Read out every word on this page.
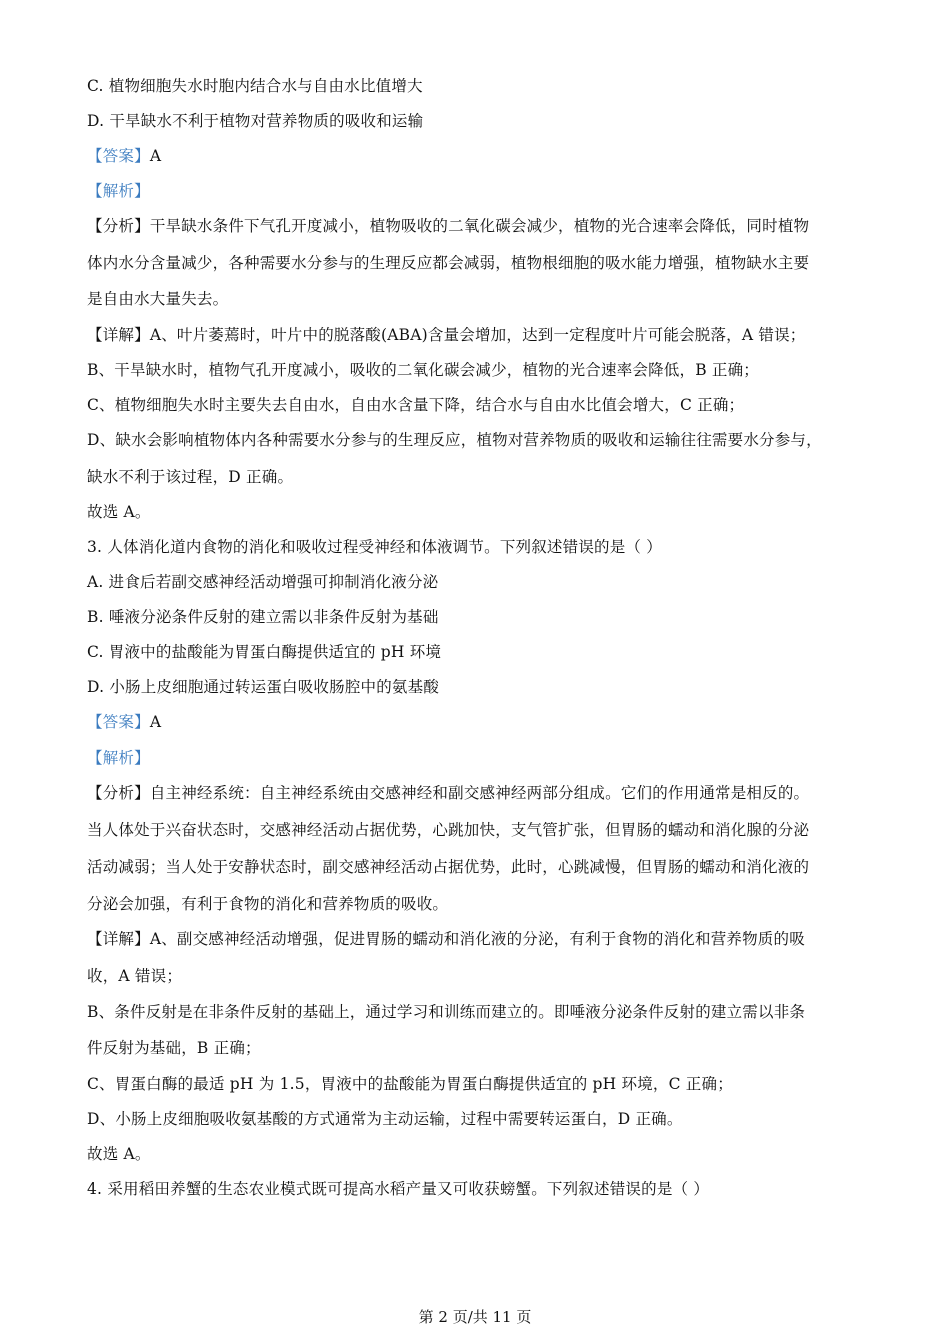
C. 植物细胞失水时胞内结合水与自由水比值增大
D. 干旱缺水不利于植物对营养物质的吸收和运输
【答案】A
【解析】
【分析】干旱缺水条件下气孔开度减小，植物吸收的二氧化碳会减少，植物的光合速率会降低，同时植物
体内水分含量减少，各种需要水分参与的生理反应都会减弱，植物根细胞的吸水能力增强，植物缺水主要
是自由水大量失去。
【详解】A、叶片萎蔫时，叶片中的脱落酸(ABA)含量会增加，达到一定程度叶片可能会脱落，A 错误；
B、干旱缺水时，植物气孔开度减小，吸收的二氧化碳会减少，植物的光合速率会降低，B 正确；
C、植物细胞失水时主要失去自由水，自由水含量下降，结合水与自由水比值会增大，C 正确；
D、缺水会影响植物体内各种需要水分参与的生理反应，植物对营养物质的吸收和运输往往需要水分参与，
缺水不利于该过程，D 正确。
故选 A。
3. 人体消化道内食物的消化和吸收过程受神经和体液调节。下列叙述错误的是（ ）
A. 进食后若副交感神经活动增强可抑制消化液分泌
B. 唾液分泌条件反射的建立需以非条件反射为基础
C. 胃液中的盐酸能为胃蛋白酶提供适宜的 pH 环境
D. 小肠上皮细胞通过转运蛋白吸收肠腔中的氨基酸
【答案】A
【解析】
【分析】自主神经系统：自主神经系统由交感神经和副交感神经两部分组成。它们的作用通常是相反的。
当人体处于兴奋状态时，交感神经活动占据优势，心跳加快，支气管扩张，但胃肠的蠕动和消化腺的分泌
活动减弱；当人处于安静状态时，副交感神经活动占据优势，此时，心跳减慢，但胃肠的蠕动和消化液的
分泌会加强，有利于食物的消化和营养物质的吸收。
【详解】A、副交感神经活动增强，促进胃肠的蠕动和消化液的分泌，有利于食物的消化和营养物质的吸
收，A 错误；
B、条件反射是在非条件反射的基础上，通过学习和训练而建立的。即唾液分泌条件反射的建立需以非条
件反射为基础，B 正确；
C、胃蛋白酶的最适 pH 为 1.5，胃液中的盐酸能为胃蛋白酶提供适宜的 pH 环境，C 正确；
D、小肠上皮细胞吸收氨基酸的方式通常为主动运输，过程中需要转运蛋白，D 正确。
故选 A。
4. 采用稻田养蟹的生态农业模式既可提高水稻产量又可收获螃蟹。下列叙述错误的是（ ）
第 2 页/共 11 页
